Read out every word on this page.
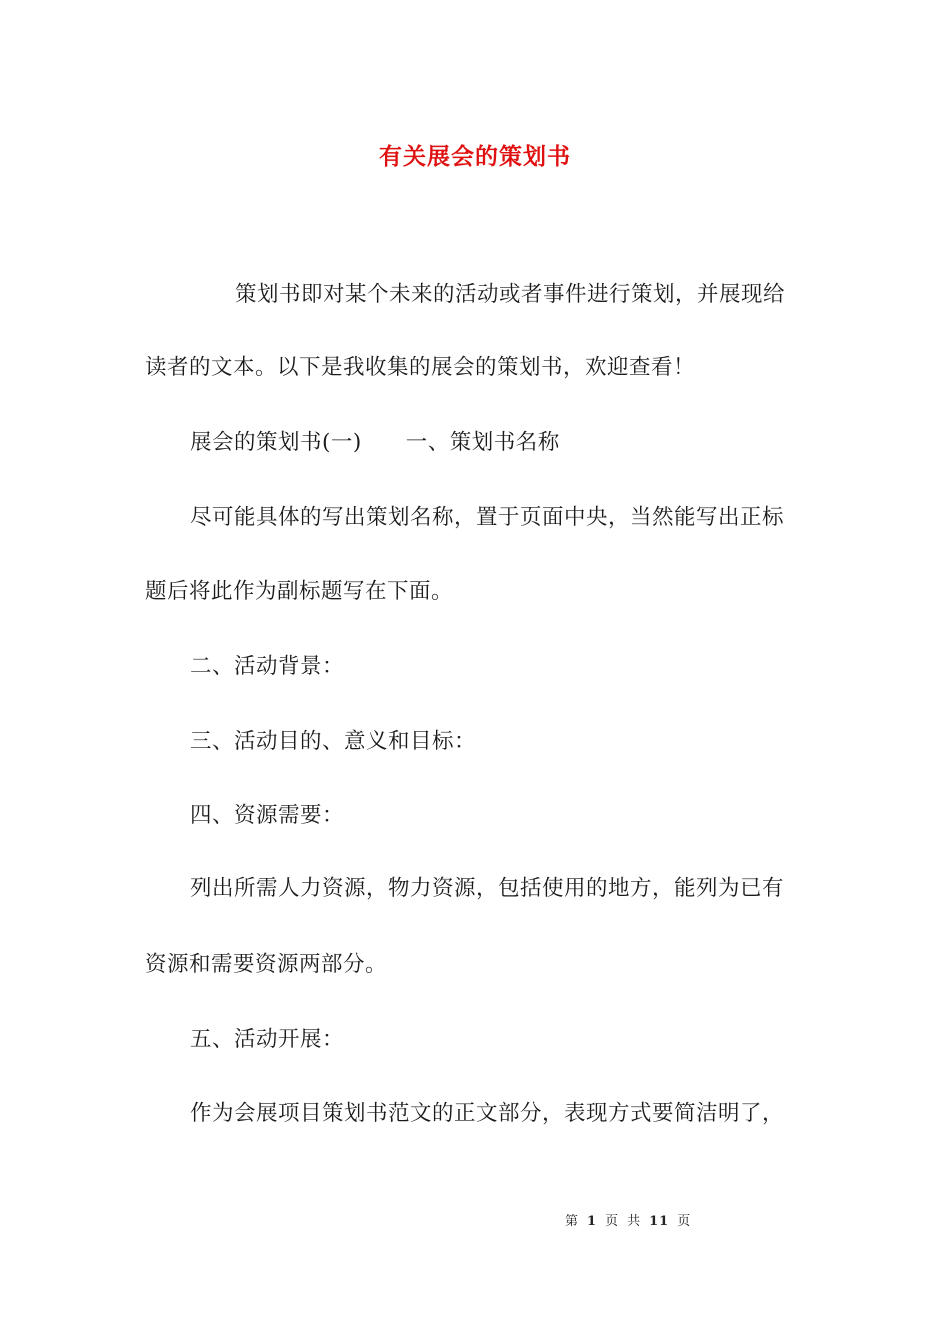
有关展会的策划书
策划书即对某个未来的活动或者事件进行策划，并展现给
读者的文本。以下是我收集的展会的策划书，欢迎查看！
展会的策划书(一)　　一、策划书名称
尽可能具体的写出策划名称，置于页面中央，当然能写出正标
题后将此作为副标题写在下面。
二、活动背景：
三、活动目的、意义和目标：
四、资源需要：
列出所需人力资源，物力资源，包括使用的地方，能列为已有
资源和需要资源两部分。
五、活动开展：
作为会展项目策划书范文的正文部分，表现方式要简洁明了，
第 1 页 共 11 页
